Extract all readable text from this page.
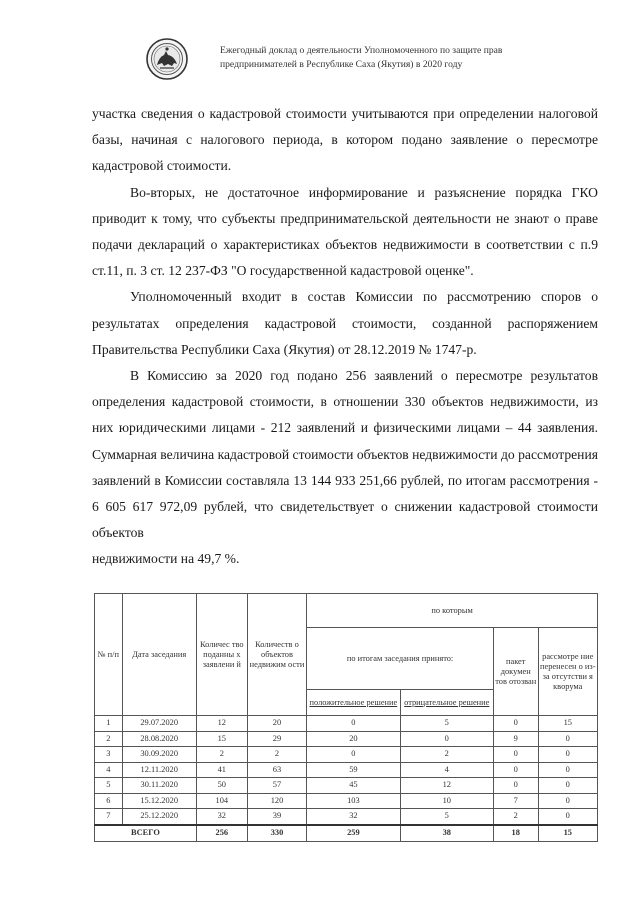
Ежегодный доклад о деятельности Уполномоченного по защите прав
предпринимателей в Республике Саха (Якутия) в 2020 году

участка сведения о кадастровой стоимости учитываются при определении налоговой базы, начиная с налогового периода, в котором подано заявление о пересмотре кадастровой стоимости.

Во-вторых, не достаточное информирование и разъяснение порядка ГКО приводит к тому, что субъекты предпринимательской деятельности не знают о праве подачи деклараций о характеристиках объектов недвижимости в соответствии с п.9 ст.11, п. 3 ст. 12 237-ФЗ "О государственной кадастровой оценке".

Уполномоченный входит в состав Комиссии по рассмотрению споров о результатах определения кадастровой стоимости, созданной распоряжением Правительства Республики Саха (Якутия) от 28.12.2019 № 1747-р.

В Комиссию за 2020 год подано 256 заявлений о пересмотре результатов определения кадастровой стоимости, в отношении 330 объектов недвижимости, из них юридическими лицами - 212 заявлений и физическими лицами – 44 заявления. Суммарная величина кадастровой стоимости объектов недвижимости до рассмотрения заявлений в Комиссии составляла 13 144 933 251,66 рублей, по итогам рассмотрения - 6 605 617 972,09 рублей, что свидетельствует о снижении кадастровой стоимости объектов

недвижимости на 49,7 %.

№ п/п	Дата заседания	Количес тво поданны х заявлени й	Количеств о объектов недвижим ости	по которым			
				по итогам заседания принято:		пакет докумен тов отозван	рассмотре ние перенесен о из-за отсутстви я кворума
				положительное решение	отрицательное решение		
1	29.07.2020	12	20	0	5	0	15
2	28.08.2020	15	29	20	0	9	0
3	30.09.2020	2	2	0	2	0	0
4	12.11.2020	41	63	59	4	0	0
5	30.11.2020	50	57	45	12	0	0
6	15.12.2020	104	120	103	10	7	0
7	25.12.2020	32	39	32	5	2	0
ВСЕГО		256	330	259	38	18	15
